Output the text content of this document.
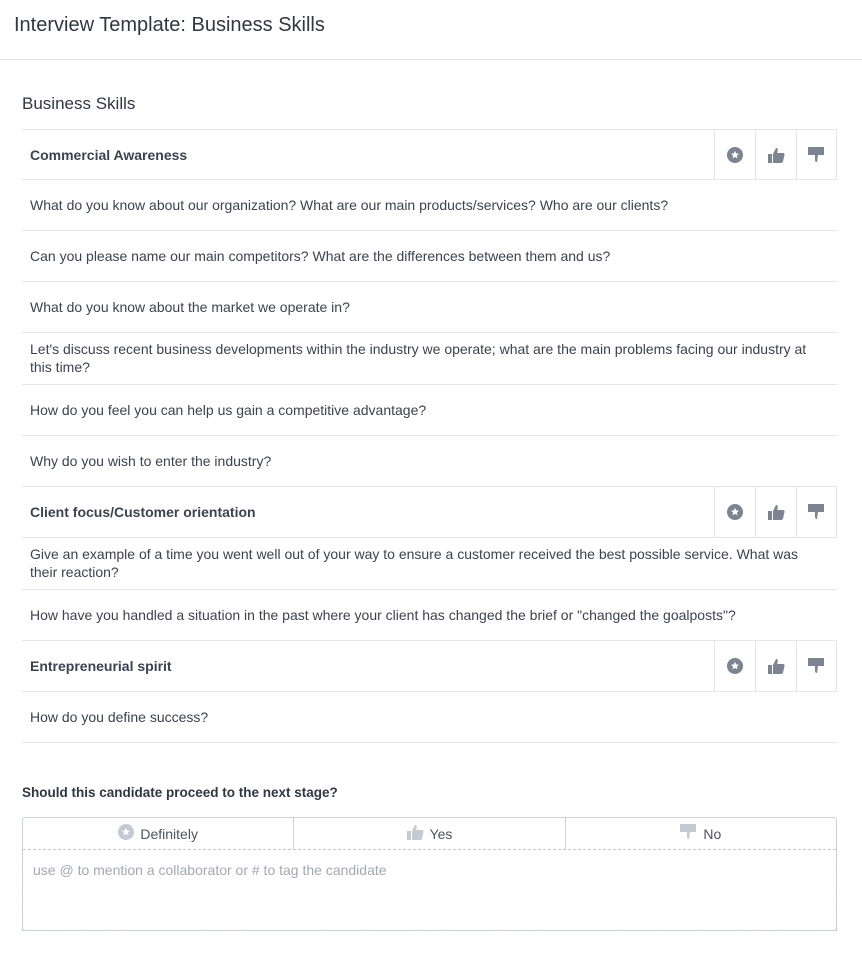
Interview Template: Business Skills
Business Skills
Commercial Awareness
What do you know about our organization? What are our main products/services? Who are our clients?
Can you please name our main competitors? What are the differences between them and us?
What do you know about the market we operate in?
Let's discuss recent business developments within the industry we operate; what are the main problems facing our industry at this time?
How do you feel you can help us gain a competitive advantage?
Why do you wish to enter the industry?
Client focus/Customer orientation
Give an example of a time you went well out of your way to ensure a customer received the best possible service. What was their reaction?
How have you handled a situation in the past where your client has changed the brief or "changed the goalposts"?
Entrepreneurial spirit
How do you define success?
Should this candidate proceed to the next stage?
Definitely	Yes	No
use @ to mention a collaborator or # to tag the candidate
